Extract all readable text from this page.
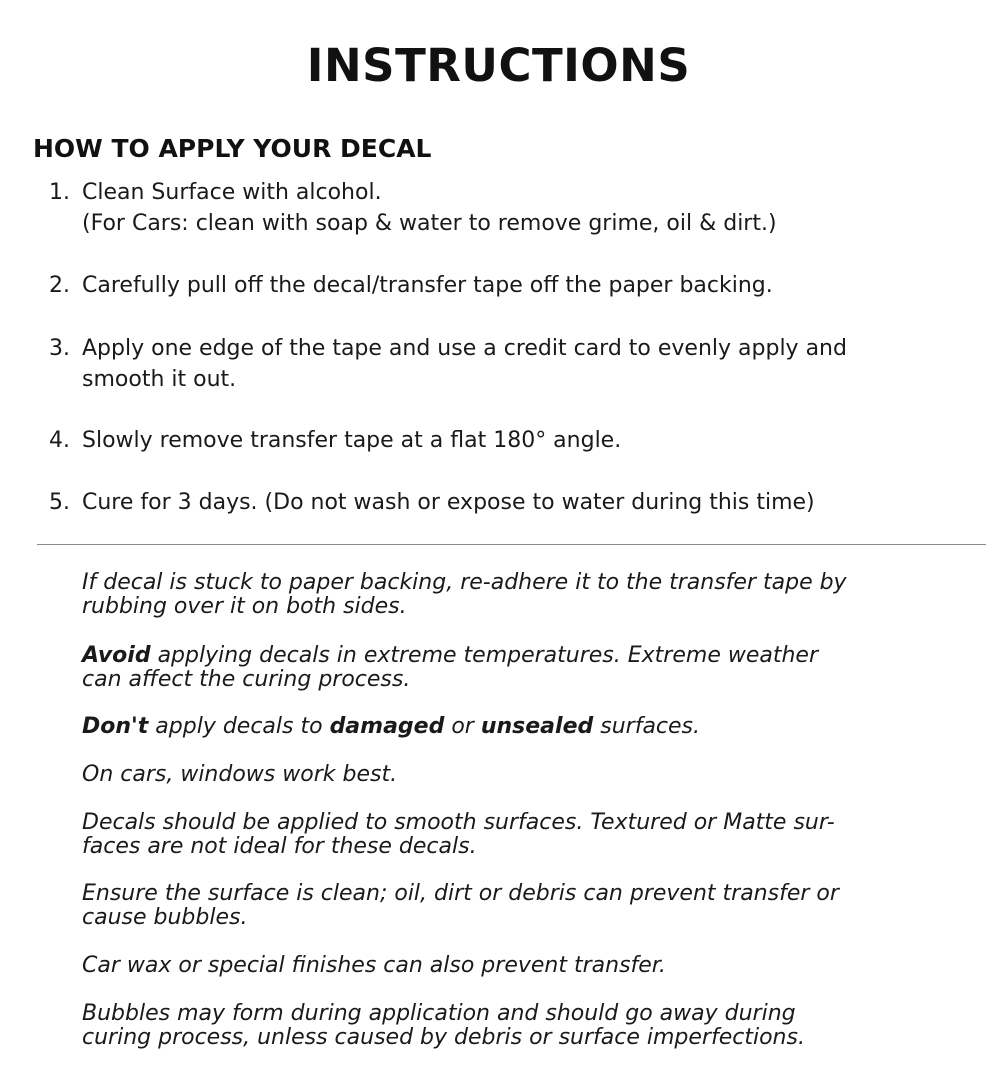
INSTRUCTIONS
HOW TO APPLY YOUR DECAL
1. Clean Surface with alcohol.
(For Cars: clean with soap & water to remove grime, oil & dirt.)
2. Carefully pull off the decal/transfer tape off the paper backing.
3. Apply one edge of the tape and use a credit card to evenly apply and
smooth it out.
4. Slowly remove transfer tape at a flat 180° angle.
5. Cure for 3 days. (Do not wash or expose to water during this time)

If decal is stuck to paper backing, re-adhere it to the transfer tape by
rubbing over it on both sides.

Avoid applying decals in extreme temperatures. Extreme weather
can affect the curing process.

Don't apply decals to damaged or unsealed surfaces.

On cars, windows work best.

Decals should be applied to smooth surfaces. Textured or Matte sur-
faces are not ideal for these decals.

Ensure the surface is clean; oil, dirt or debris can prevent transfer or
cause bubbles.

Car wax or special finishes can also prevent transfer.

Bubbles may form during application and should go away during
curing process, unless caused by debris or surface imperfections.
